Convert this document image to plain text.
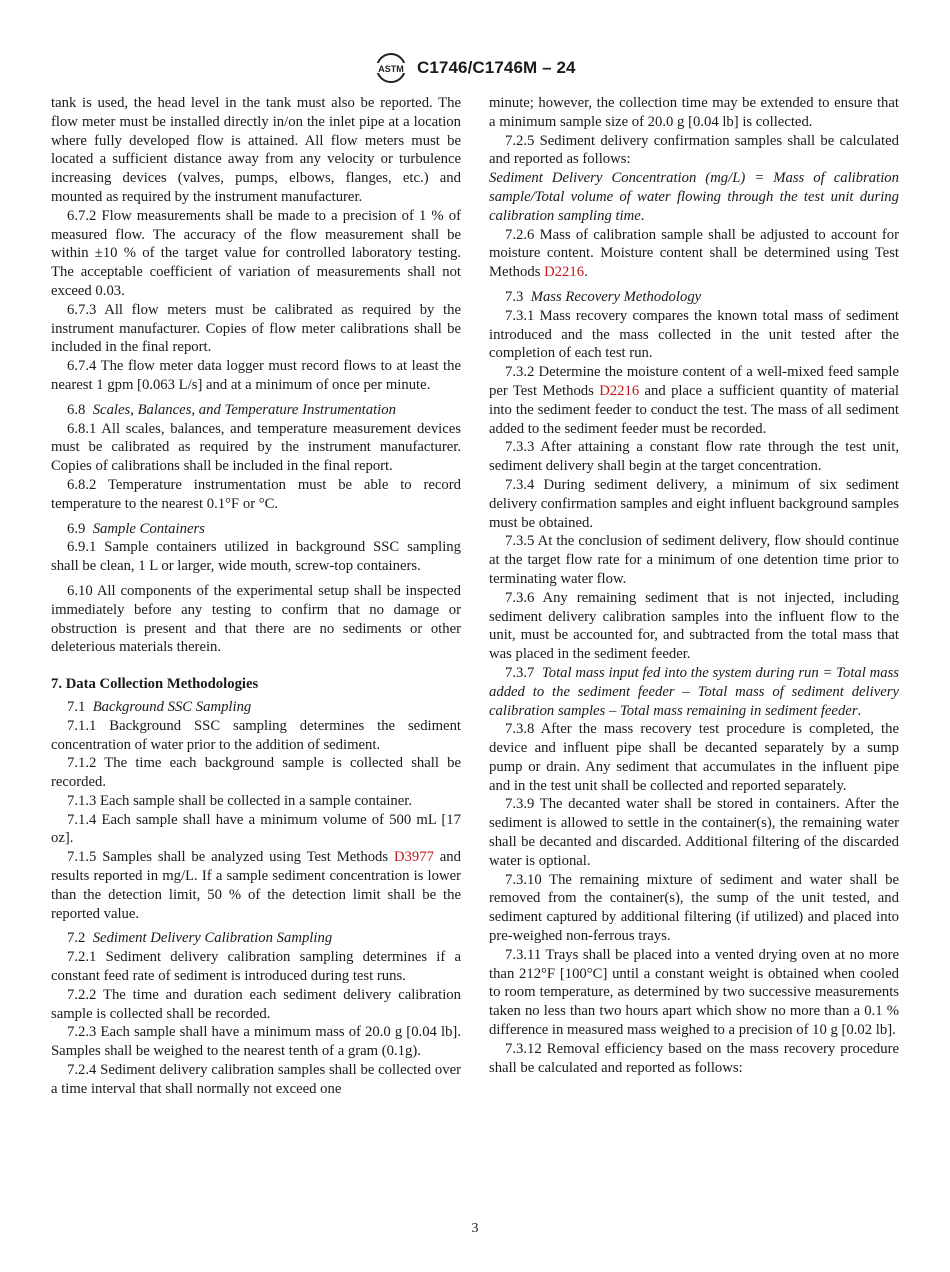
ASTM C1746/C1746M – 24

tank is used, the head level in the tank must also be reported. The flow meter must be installed directly in/on the inlet pipe at a location where fully developed flow is attained. All flow meters must be located a sufficient distance away from any velocity or turbulence increasing devices (valves, pumps, elbows, flanges, etc.) and mounted as required by the instrument manufacturer.

6.7.2 Flow measurements shall be made to a precision of 1 % of measured flow. The accuracy of the flow measurement shall be within ±10 % of the target value for controlled laboratory testing. The acceptable coefficient of variation of measurements shall not exceed 0.03.

6.7.3 All flow meters must be calibrated as required by the instrument manufacturer. Copies of flow meter calibrations shall be included in the final report.

6.7.4 The flow meter data logger must record flows to at least the nearest 1 gpm [0.063 L/s] and at a minimum of once per minute.

6.8 Scales, Balances, and Temperature Instrumentation

6.8.1 All scales, balances, and temperature measurement devices must be calibrated as required by the instrument manufacturer. Copies of calibrations shall be included in the final report.

6.8.2 Temperature instrumentation must be able to record temperature to the nearest 0.1°F or °C.

6.9 Sample Containers

6.9.1 Sample containers utilized in background SSC sampling shall be clean, 1 L or larger, wide mouth, screw-top containers.

6.10 All components of the experimental setup shall be inspected immediately before any testing to confirm that no damage or obstruction is present and that there are no sediments or other deleterious materials therein.

7. Data Collection Methodologies

7.1 Background SSC Sampling

7.1.1 Background SSC sampling determines the sediment concentration of water prior to the addition of sediment.

7.1.2 The time each background sample is collected shall be recorded.

7.1.3 Each sample shall be collected in a sample container.

7.1.4 Each sample shall have a minimum volume of 500 mL [17 oz].

7.1.5 Samples shall be analyzed using Test Methods D3977 and results reported in mg/L. If a sample sediment concentration is lower than the detection limit, 50 % of the detection limit shall be the reported value.

7.2 Sediment Delivery Calibration Sampling

7.2.1 Sediment delivery calibration sampling determines if a constant feed rate of sediment is introduced during test runs.

7.2.2 The time and duration each sediment delivery calibration sample is collected shall be recorded.

7.2.3 Each sample shall have a minimum mass of 20.0 g [0.04 lb]. Samples shall be weighed to the nearest tenth of a gram (0.1g).

7.2.4 Sediment delivery calibration samples shall be collected over a time interval that shall normally not exceed one

minute; however, the collection time may be extended to ensure that a minimum sample size of 20.0 g [0.04 lb] is collected.

7.2.5 Sediment delivery confirmation samples shall be calculated and reported as follows:

Sediment Delivery Concentration (mg/L) = Mass of calibration sample/Total volume of water flowing through the test unit during calibration sampling time.

7.2.6 Mass of calibration sample shall be adjusted to account for moisture content. Moisture content shall be determined using Test Methods D2216.

7.3 Mass Recovery Methodology

7.3.1 Mass recovery compares the known total mass of sediment introduced and the mass collected in the unit tested after the completion of each test run.

7.3.2 Determine the moisture content of a well-mixed feed sample per Test Methods D2216 and place a sufficient quantity of material into the sediment feeder to conduct the test. The mass of all sediment added to the sediment feeder must be recorded.

7.3.3 After attaining a constant flow rate through the test unit, sediment delivery shall begin at the target concentration.

7.3.4 During sediment delivery, a minimum of six sediment delivery confirmation samples and eight influent background samples must be obtained.

7.3.5 At the conclusion of sediment delivery, flow should continue at the target flow rate for a minimum of one detention time prior to terminating water flow.

7.3.6 Any remaining sediment that is not injected, including sediment delivery calibration samples into the influent flow to the unit, must be accounted for, and subtracted from the total mass that was placed in the sediment feeder.

7.3.7 Total mass input fed into the system during run = Total mass added to the sediment feeder – Total mass of sediment delivery calibration samples – Total mass remaining in sediment feeder.

7.3.8 After the mass recovery test procedure is completed, the device and influent pipe shall be decanted separately by a sump pump or drain. Any sediment that accumulates in the influent pipe and in the test unit shall be collected and reported separately.

7.3.9 The decanted water shall be stored in containers. After the sediment is allowed to settle in the container(s), the remaining water shall be decanted and discarded. Additional filtering of the discarded water is optional.

7.3.10 The remaining mixture of sediment and water shall be removed from the container(s), the sump of the unit tested, and sediment captured by additional filtering (if utilized) and placed into pre-weighed non-ferrous trays.

7.3.11 Trays shall be placed into a vented drying oven at no more than 212°F [100°C] until a constant weight is obtained when cooled to room temperature, as determined by two successive measurements taken no less than two hours apart which show no more than a 0.1 % difference in measured mass weighed to a precision of 10 g [0.02 lb].

7.3.12 Removal efficiency based on the mass recovery procedure shall be calculated and reported as follows:

3
